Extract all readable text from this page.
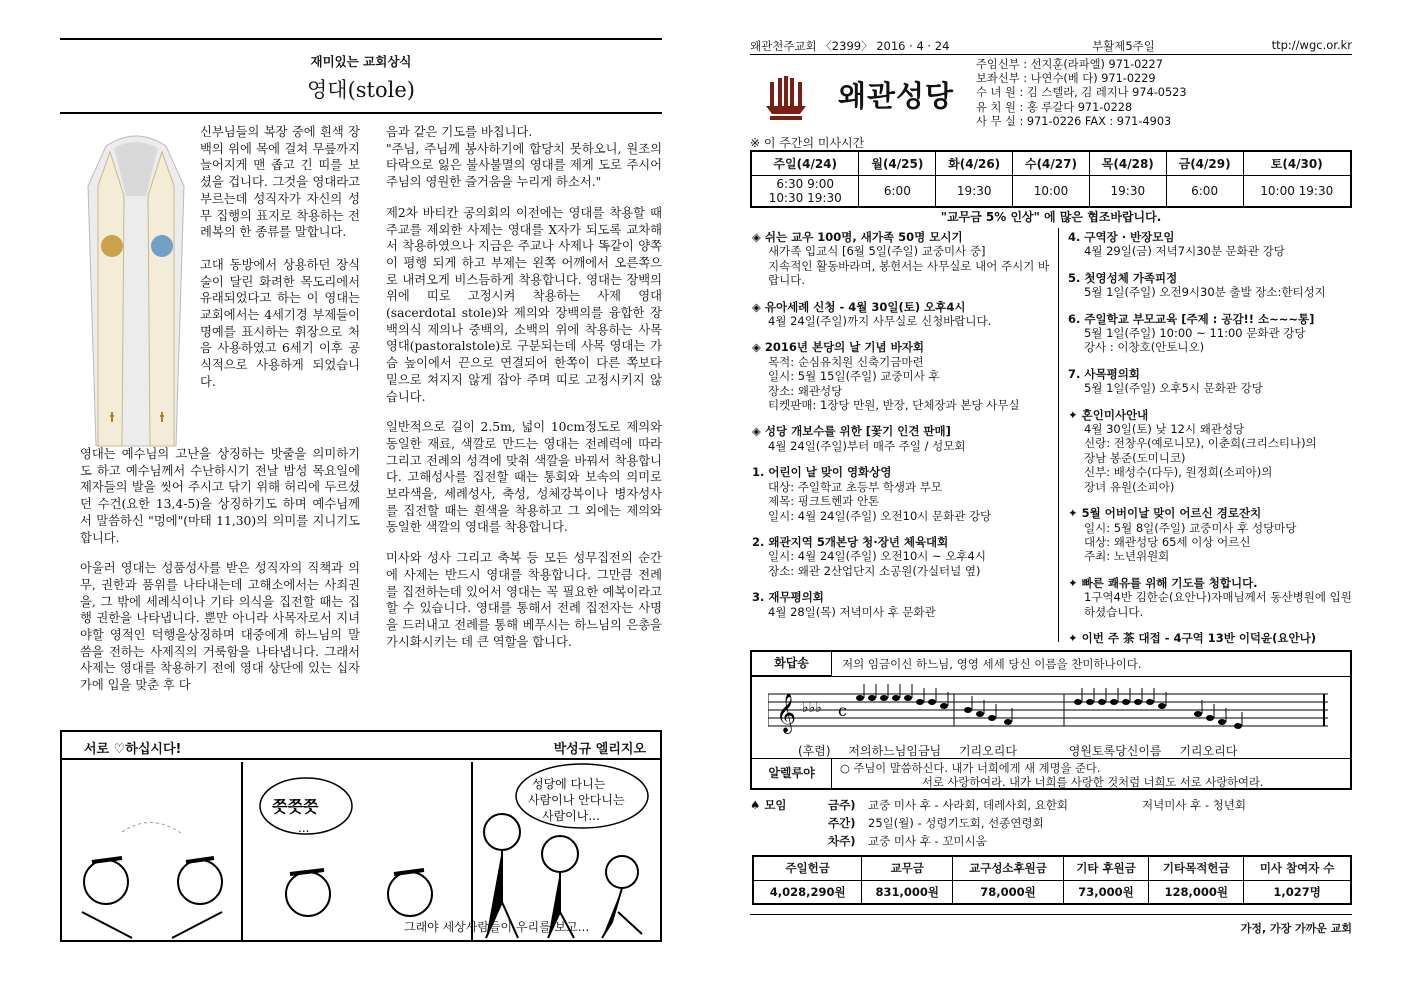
재미있는 교회상식
영대(stole)

신부님들의 복장 중에 흰색 장백의 위에 목에 걸쳐 무릎까지 늘어지게 맨 좁고 긴 띠를 보셨을 겁니다. 그것을 영대라고 부르는데 성직자가 자신의 성무 집행의 표지로 착용하는 전례복의 한 종류를 말합니다.

고대 동방에서 상용하던 장식술이 달린 화려한 목도리에서 유래되었다고 하는 이 영대는 교회에서는 4세기경 부제들이 명예를 표시하는 휘장으로 처음 사용하였고 6세기 이후 공식적으로 사용하게 되었습니다.

영대는 예수님의 고난을 상징하는 밧줄을 의미하기도 하고 예수님께서 수난하시기 전날 밤성 목요일에 제자들의 발을 씻어 주시고 닦기 위해 허리에 두르셨던 수건(요한 13,4-5)을 상징하기도 하며 예수님께서 말씀하신 "멍에"(마태 11,30)의 의미를 지니기도 합니다.

아울러 영대는 성품성사를 받은 성직자의 직책과 의무, 권한과 품위를 나타내는데 고해소에서는 사죄권을, 그 밖에 세례식이나 기타 의식을 집전할 때는 집행 권한을 나타냅니다. 뿐만 아니라 사목자로서 지녀야할 영적인 덕행을상징하며 대중에게 하느님의 말씀을 전하는 사제직의 거룩함을 나타냅니다. 그래서 사제는 영대를 착용하기 전에 영대 상단에 있는 십자가에 입을 맞춘 후 다

음과 같은 기도를 바칩니다.
"주님, 주님께 봉사하기에 합당치 못하오니, 원조의 타락으로 잃은 불사불멸의 영대를 제게 도로 주시어 주님의 영원한 즐거움을 누리게 하소서."

제2차 바티칸 공의회의 이전에는 영대를 착용할 때 주교를 제외한 사제는 영대를 X자가 되도록 교차해서 착용하였으나 지금은 주교나 사제나 똑같이 양쪽이 평행 되게 하고 부제는 왼쪽 어깨에서 오른쪽으로 내려오게 비스듬하게 착용합니다. 영대는 장백의 위에 띠로 고정시켜 착용하는 사제 영대(sacerdotal stole)와 제의와 장백의를 융합한 장백의식 제의나 중백의, 소백의 위에 착용하는 사목 영대(pastoralstole)로 구분되는데 사목 영대는 가슴 높이에서 끈으로 연결되어 한쪽이 다른 쪽보다 밑으로 쳐지지 않게 잡아 주며 띠로 고정시키지 않습니다.

일반적으로 길이 2.5m, 넓이 10cm정도로 제의와 동일한 재료, 색깔로 만드는 영대는 전례력에 따라 그리고 전례의 성격에 맞춰 색깔을 바꿔서 착용합니다. 고해성사를 집전할 때는 통회와 보속의 의미로 보라색을, 세례성사, 축성, 성체강복이나 병자성사를 집전할 때는 흰색을 착용하고 그 외에는 제의와 동일한 색깔의 영대를 착용합니다.

미사와 성사 그리고 축복 등 모든 성무집전의 순간에 사제는 반드시 영대를 착용합니다. 그만큼 전례를 집전하는데 있어서 영대는 꼭 필요한 예복이라고 할 수 있습니다. 영대를 통해서 전례 집전자는 사명을 드러내고 전례를 통해 베푸시는 하느님의 은총을 가시화시키는 데 큰 역할을 합니다.

서로 ♡하십시다!	박성규 엘리지오
쯧쯧쯧
...
성당에 다니는
사람이나 안다니는
사람이나...
그래야 세상사람들이 우리를 보고...
왜관천주교회 〈2399〉 2016 · 4 · 24	부활제5주일	ttp://wgc.or.kr
왜관성당
주임신부 : 선지훈(라파엘) 971-0227
보좌신부 : 나연수(베 다) 971-0229
수 녀 원 : 김 스텔라, 김 레지나 974-0523
유 치 원 : 홍 루갈다 971-0228
사 무 실 : 971-0226 FAX : 971-4903
※ 이 주간의 미사시간
주일(4/24)	월(4/25)	화(4/26)	수(4/27)	목(4/28)	금(4/29)	토(4/30)
6:30 9:00
10:30 19:30	6:00	19:30	10:00	19:30	6:00	10:00 19:30
"교무금 5% 인상" 에 많은 협조바랍니다.
◈ 쉬는 교우 100명, 새가족 50명 모시기
새가족 입교식 [6월 5일(주일) 교중미사 중]
지속적인 활동바라며, 봉헌서는 사무실로 내어 주시기 바랍니다.
◈ 유아세례 신청 - 4월 30일(토) 오후4시
4월 24일(주일)까지 사무실로 신청바랍니다.
◈ 2016년 본당의 날 기념 바자회
목적: 순심유치원 신축기금마련
일시: 5월 15일(주일) 교중미사 후
장소: 왜관성당
티켓판매: 1장당 만원, 반장, 단체장과 본당 사무실
◈ 성당 개보수를 위한 [꽃기 인견 판매]
4월 24일(주일)부터 매주 주일 / 성모회
1. 어린이 날 맞이 영화상영
대상: 주일학교 초등부 학생과 부모
제목: 핑크트헨과 안톤
일시: 4월 24일(주일) 오전10시 문화관 강당
2. 왜관지역 5개본당 청·장년 체육대회
일시: 4월 24일(주일) 오전10시 ~ 오후4시
장소: 왜관 2산업단지 소공원(가실터널 옆)
3. 재무평의회
4월 28일(목) 저녁미사 후 문화관
4. 구역장 · 반장모임
4월 29일(금) 저녁7시30분 문화관 강당
5. 첫영성체 가족피정
5월 1일(주일) 오전9시30분 출발 장소:한티성지
6. 주일학교 부모교육 [주제 : 공감!! 소~~~통]
5월 1일(주일) 10:00 ~ 11:00 문화관 강당
강사 : 이창호(안토니오)
7. 사목평의회
5월 1일(주일) 오후5시 문화관 강당
✦ 혼인미사안내
4월 30일(토) 낮 12시 왜관성당
신랑: 전창우(예로니모), 이춘희(크리스티나)의
장남 봉준(도미니코)
신부: 배성수(다두), 원정희(소피아)의
장녀 유원(소피아)
✦ 5월 어버이날 맞이 어르신 경로잔치
일시: 5월 8일(주일) 교중미사 후 성당마당
대상: 왜관성당 65세 이상 어르신
주최: 노년위원회
✦ 빠른 쾌유를 위해 기도를 청합니다.
1구역4반 김한순(요안나)자매님께서 동산병원에 입원하셨습니다.
✦ 이번 주 茶 대접 - 4구역 13반 이덕윤(요안나)
화답송	저의 임금이신 하느님, 영영 세세 당신 이름을 찬미하나이다.
𝄞 ♭♭♭ c
(후렴) 저의하느님임금님 기리오리다	영원토록당신이름 기리오리다
알렐루야	○ 주님이 말씀하신다. 내가 너희에게 새 계명을 준다.
서로 사랑하여라. 내가 너희를 사랑한 것처럼 너희도 서로 사랑하여라.
♠ 모임	금주) 교중 미사 후 - 사라회, 데레사회, 요한회	저녁미사 후 - 청년회
주간) 25일(월) - 성령기도회, 선종연령회
차주) 교중 미사 후 - 꼬미시움
주일헌금	교무금	교구성소후원금	기타 후원금	기타목적헌금	미사 참여자 수
4,028,290원	831,000원	78,000원	73,000원	128,000원	1,027명
가정, 가장 가까운 교회
